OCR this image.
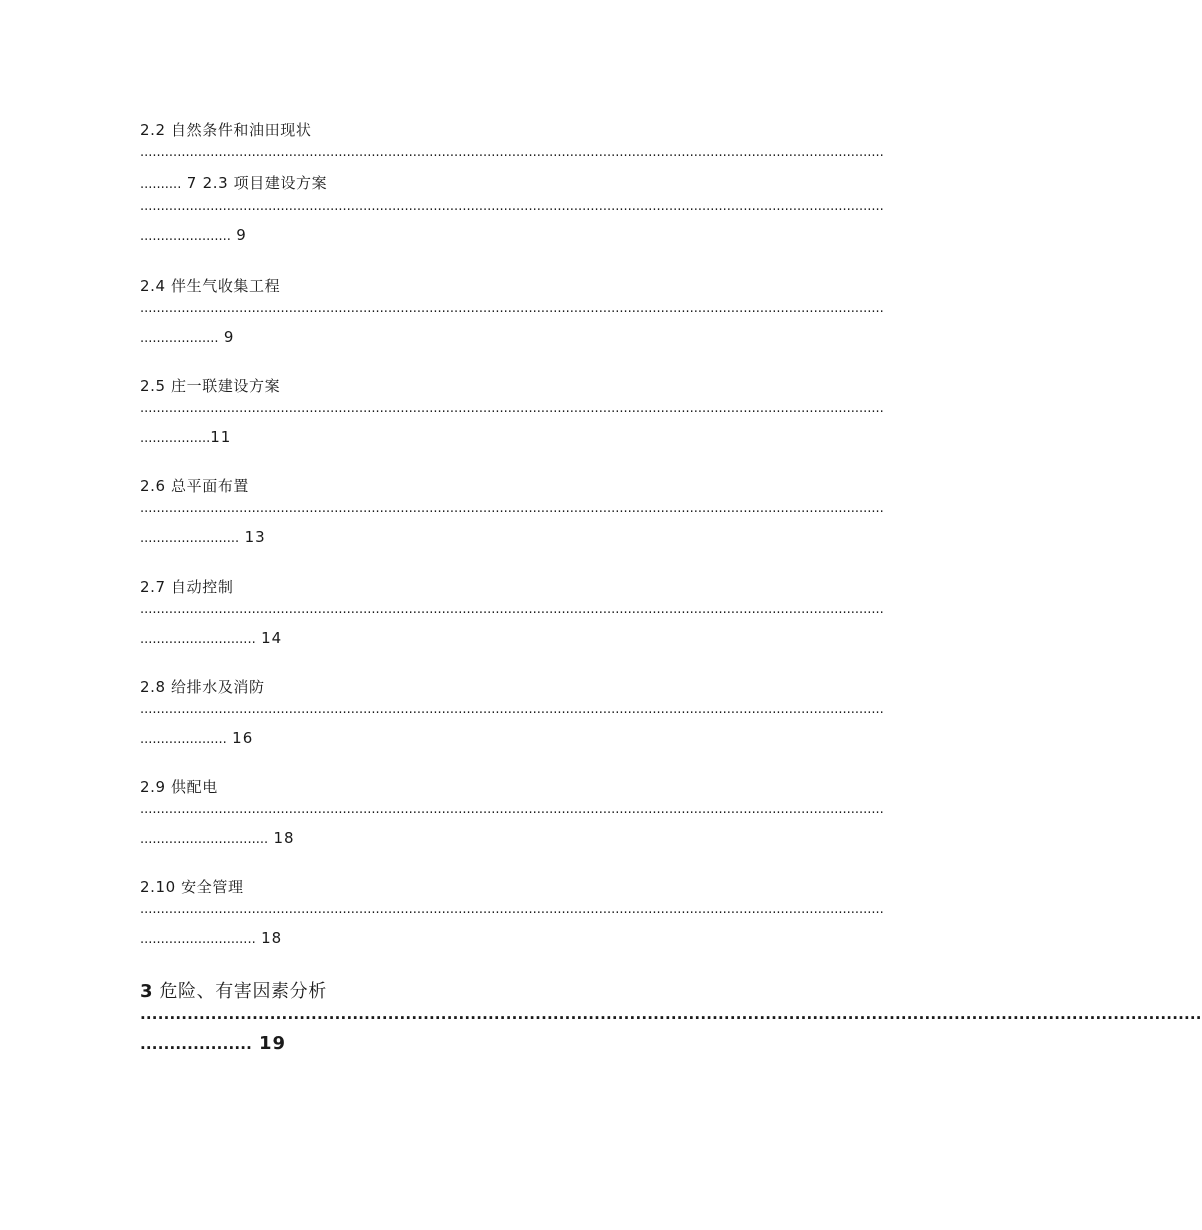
2.2 自然条件和油田现状
....................................................................................................................................................................................
.......... 7 2.3 项目建设方案
....................................................................................................................................................................................
...................... 9
2.4 伴生气收集工程
....................................................................................................................................................................................
................... 9
2.5 庄一联建设方案
....................................................................................................................................................................................
.................11
2.6 总平面布置
....................................................................................................................................................................................
........................ 13
2.7 自动控制
....................................................................................................................................................................................
............................ 14
2.8 给排水及消防
....................................................................................................................................................................................
..................... 16
2.9 供配电
....................................................................................................................................................................................
............................... 18
2.10 安全管理
....................................................................................................................................................................................
............................ 18
3 危险、有害因素分析
....................................................................................................................................................................................
................... 19
